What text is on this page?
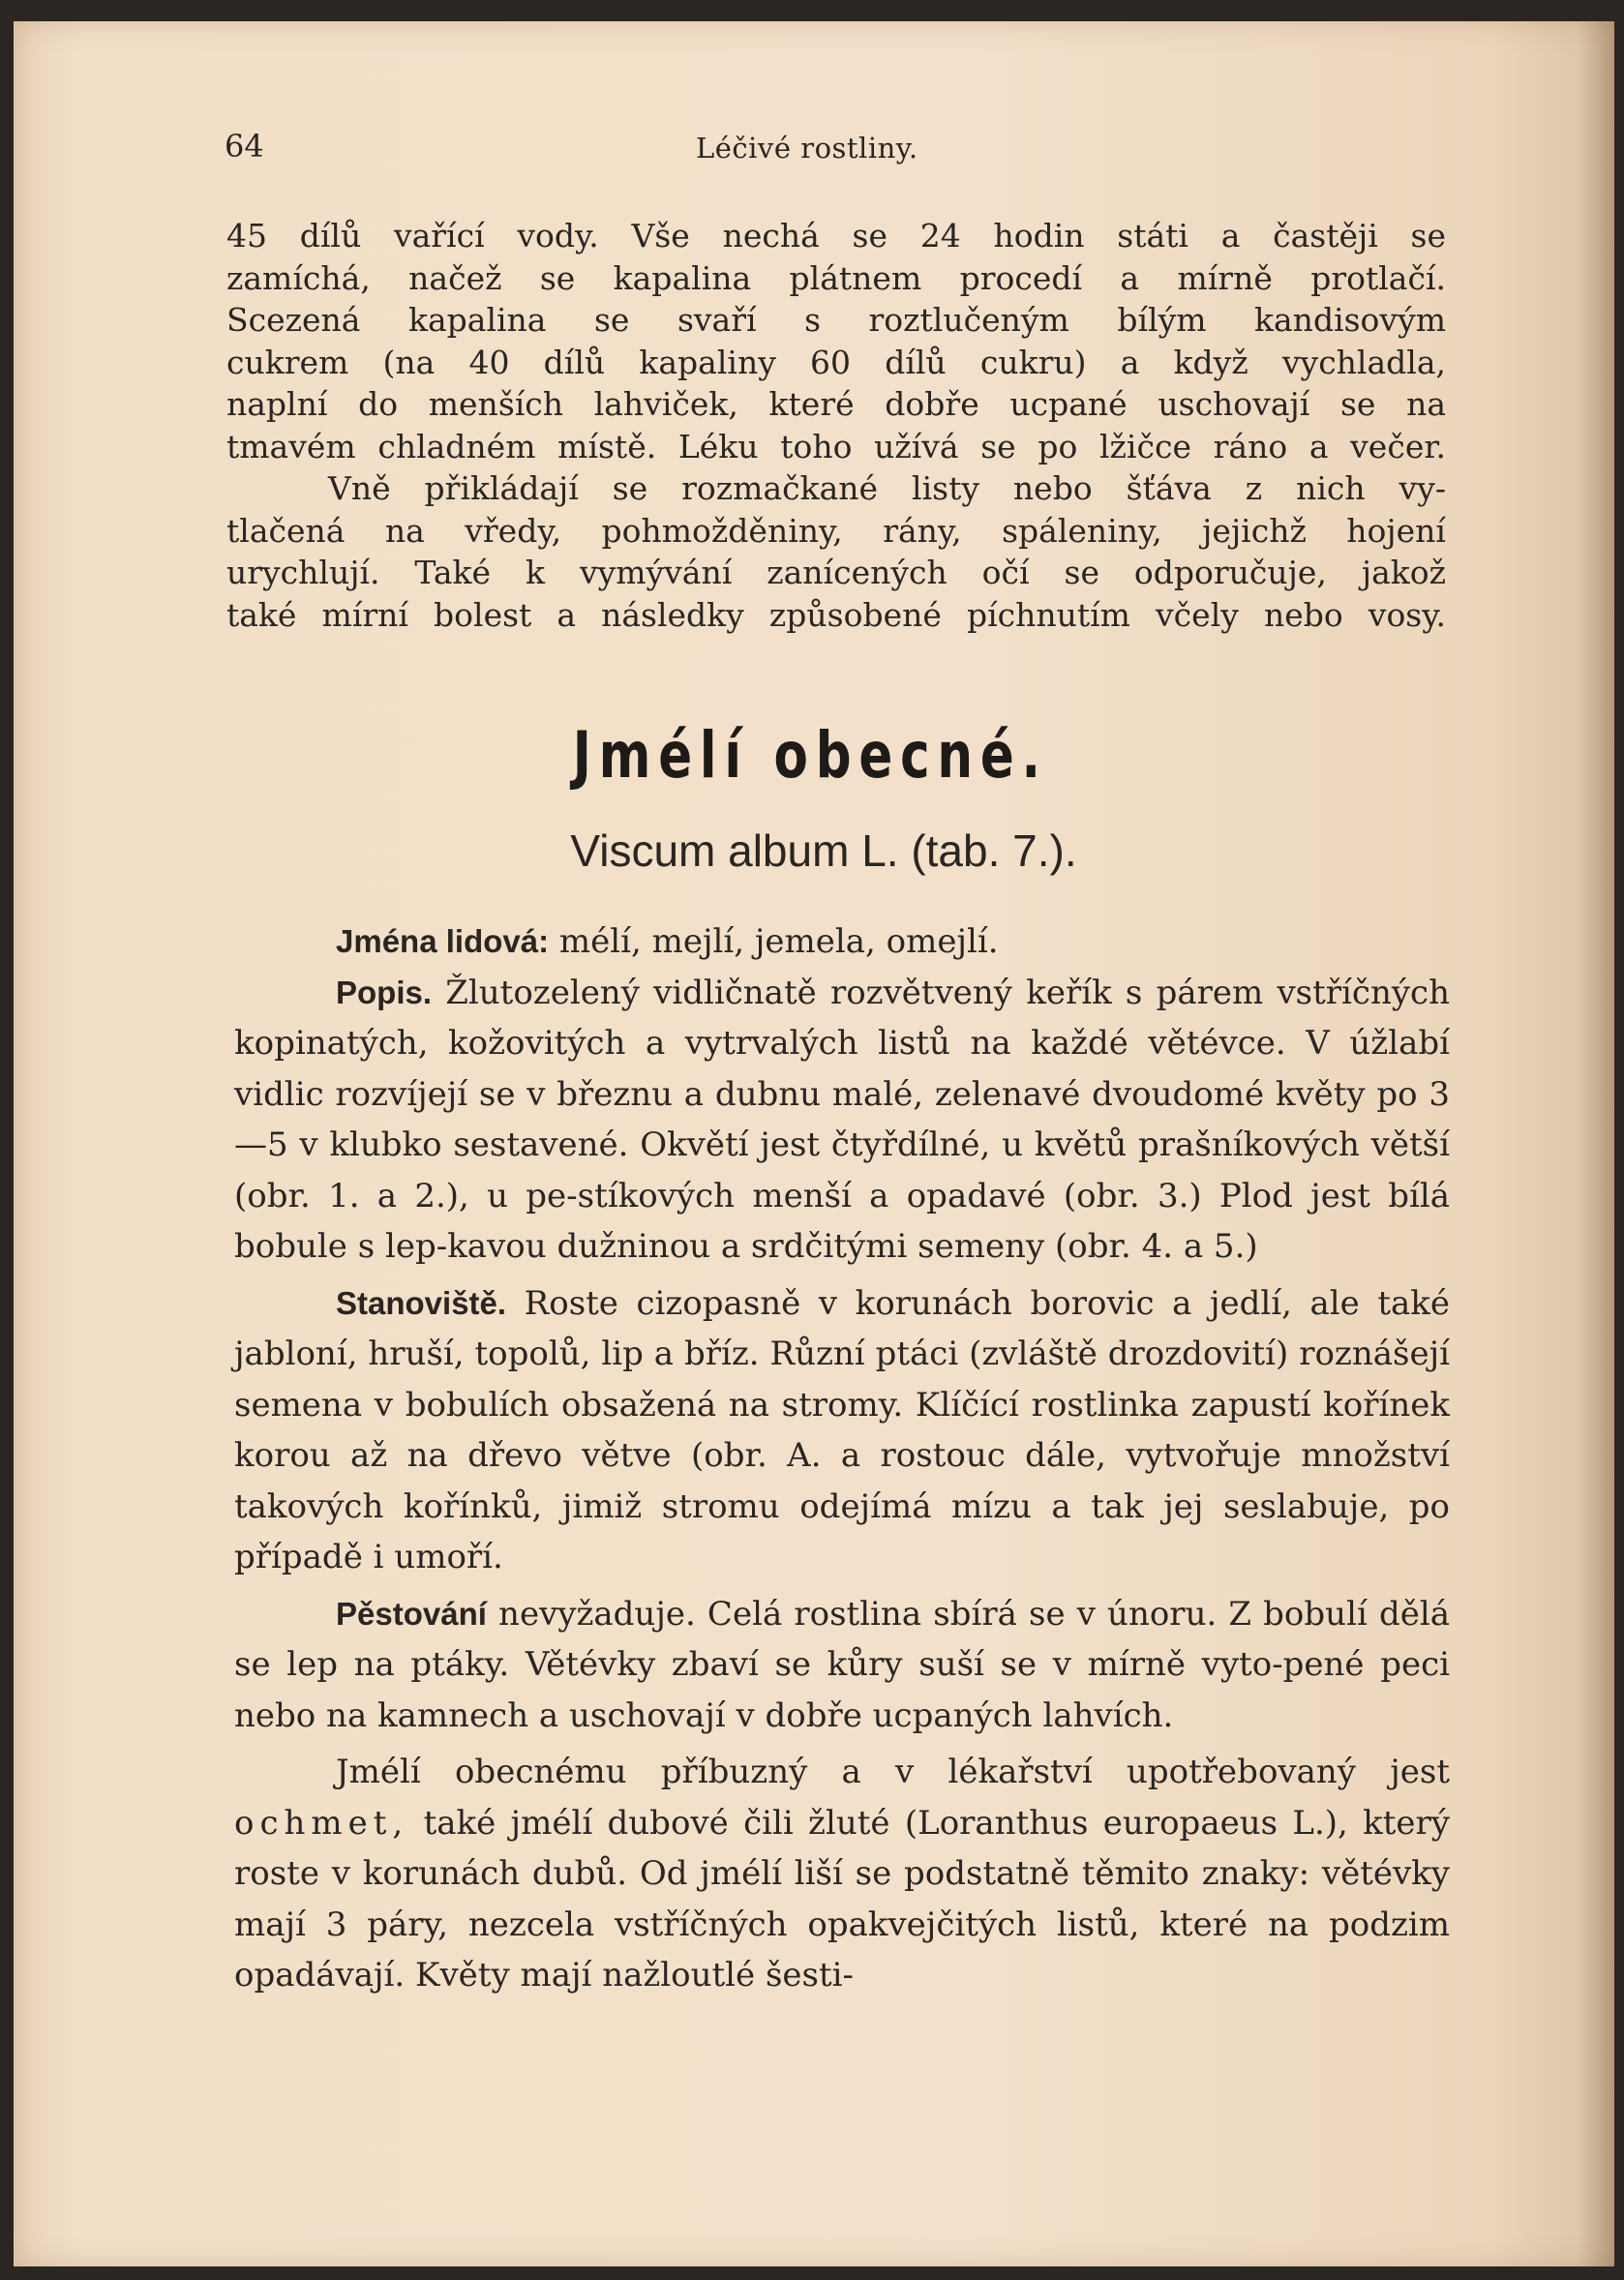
64	Léčivé rostliny.

45 dílů vařící vody. Vše nechá se 24 hodin státi a častěji se

zamíchá, načež se kapalina plátnem procedí a mírně protlačí.

Scezená kapalina se svaří s roztlučeným bílým kandisovým

cukrem (na 40 dílů kapaliny 60 dílů cukru) a když vychladla,

naplní do menších lahviček, které dobře ucpané uschovají se na

tmavém chladném místě. Léku toho užívá se po lžičce ráno a večer.

Vně přikládají se rozmačkané listy nebo šťáva z nich vy-

tlačená na vředy, pohmožděniny, rány, spáleniny, jejichž hojení

urychlují. Také k vymývání zanícených očí se odporučuje, jakož

také mírní bolest a následky způsobené píchnutím včely nebo vosy.

Jmélí obecné.
Viscum album L. (tab. 7.).

Jména lidová: mélí, mejlí, jemela, omejlí.

Popis. Žlutozelený vidličnatě rozvětvený keřík s párem vstříčných kopinatých, kožovitých a vytrvalých listů na každé větévce. V úžlabí vidlic rozvíjejí se v březnu a dubnu malé, zelenavé dvoudomé květy po 3—5 v klubko sestavené. Okvětí jest čtyřdílné, u květů prašníkových větší (obr. 1. a 2.), u pe-stíkových menší a opadavé (obr. 3.) Plod jest bílá bobule s lep-kavou dužninou a srdčitými semeny (obr. 4. a 5.)

Stanoviště. Roste cizopasně v korunách borovic a jedlí, ale také jabloní, hruší, topolů, lip a bříz. Různí ptáci (zvláště drozdovití) roznášejí semena v bobulích obsažená na stromy. Klíčící rostlinka zapustí kořínek korou až na dřevo větve (obr. A. a rostouc dále, vytvořuje množství takových kořínků, jimiž stromu odejímá mízu a tak jej seslabuje, po případě i umoří.

Pěstování nevyžaduje. Celá rostlina sbírá se v únoru. Z bobulí dělá se lep na ptáky. Větévky zbaví se kůry suší se v mírně vyto-pené peci nebo na kamnech a uschovají v dobře ucpaných lahvích.

Jmélí obecnému příbuzný a v lékařství upotřebovaný jest ochmet, také jmélí dubové čili žluté (Loranthus europaeus L.), který roste v korunách dubů. Od jmélí liší se podstatně těmito znaky: větévky mají 3 páry, nezcela vstříčných opakvejčitých listů, které na podzim opadávají. Květy mají nažloutlé šesti-
